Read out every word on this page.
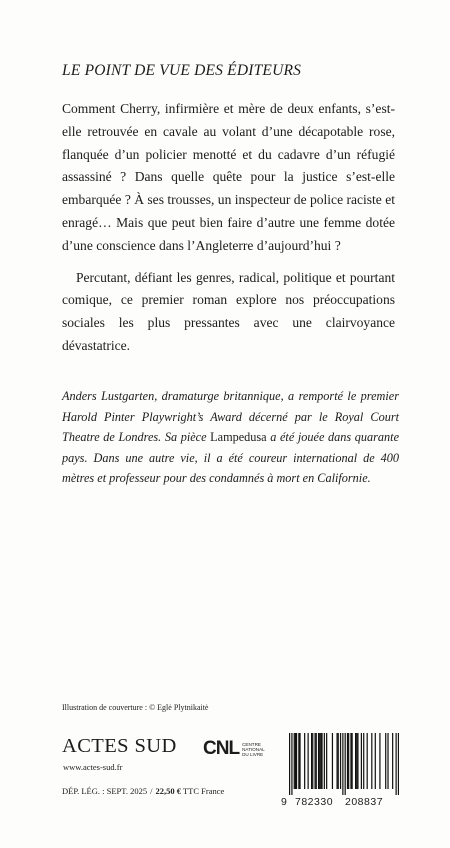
LE POINT DE VUE DES ÉDITEURS

Comment Cherry, infirmière et mère de deux enfants, s’est-elle retrouvée en cavale au volant d’une décapotable rose, flanquée d’un policier menotté et du cadavre d’un réfugié assassiné ? Dans quelle quête pour la justice s’est-elle embarquée ? À ses trousses, un inspecteur de police raciste et enragé… Mais que peut bien faire d’autre une femme dotée d’une conscience dans l’Angleterre d’aujourd’hui ?

Percutant, défiant les genres, radical, politique et pourtant comique, ce premier roman explore nos préoccupations sociales les plus pressantes avec une clairvoyance dévastatrice.

Anders Lustgarten, dramaturge britannique, a remporté le premier Harold Pinter Playwright’s Award décerné par le Royal Court Theatre de Londres. Sa pièce Lampedusa a été jouée dans quarante pays. Dans une autre vie, il a été coureur international de 400 mètres et professeur pour des condamnés à mort en Californie.
Illustration de couverture : © Eglė Plytnikaitė
ACTES SUD
www.actes-sud.fr
DÉP. LÉG. : SEPT. 2025 / 22,50 € TTC France
CNL CENTRE
NATIONAL
DU LIVRE
9 782330 208837
